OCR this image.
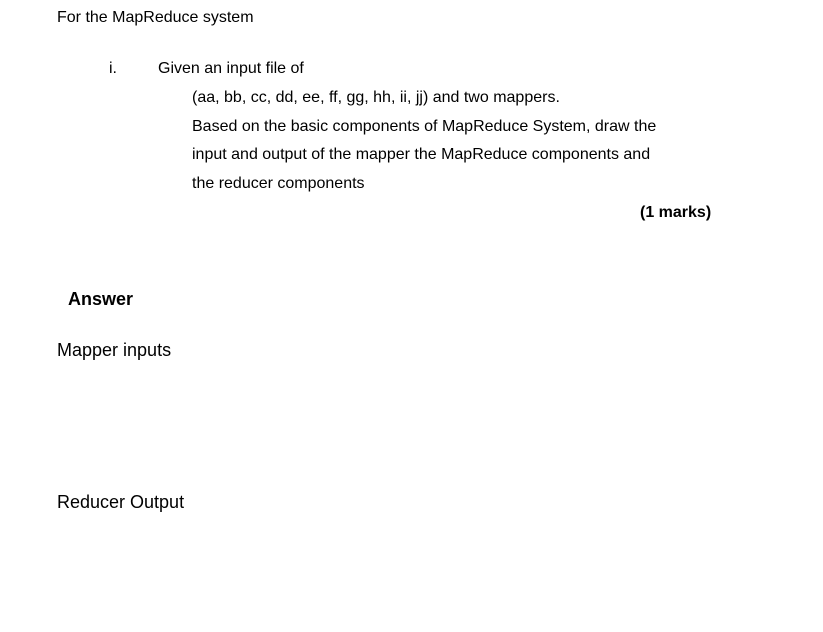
For the MapReduce system
i.	Given an input file of
(aa, bb, cc, dd, ee, ff, gg, hh, ii, jj) and two mappers.
Based on the basic components of MapReduce System, draw the
input and output of the mapper the MapReduce components and
the reducer components
(1 marks)
Answer
Mapper inputs
Reducer Output
